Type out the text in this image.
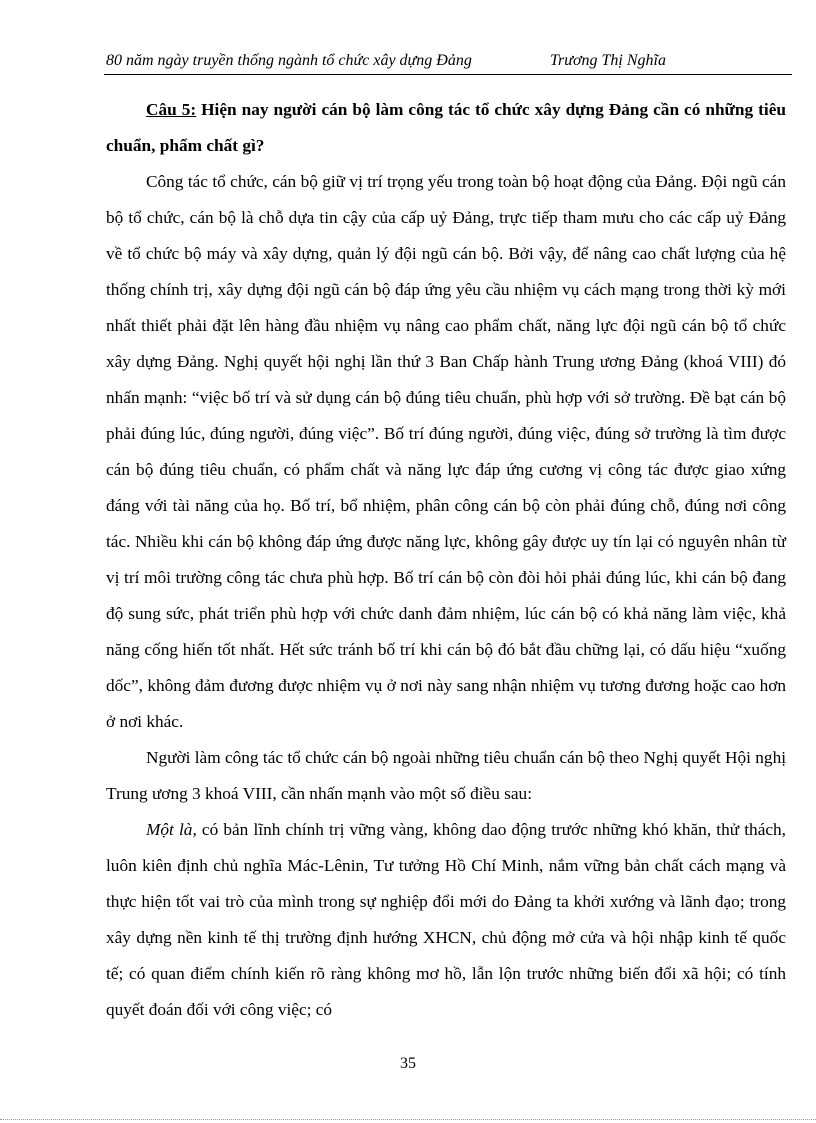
80 năm ngày truyền thống ngành tổ chức xây dựng Đảng	Trương Thị Nghĩa

Câu 5: Hiện nay người cán bộ làm công tác tổ chức xây dựng Đảng cần có những tiêu chuẩn, phẩm chất gì?

Công tác tổ chức, cán bộ giữ vị trí trọng yếu trong toàn bộ hoạt động của Đảng. Đội ngũ cán bộ tổ chức, cán bộ là chỗ dựa tin cậy của cấp uỷ Đảng, trực tiếp tham mưu cho các cấp uỷ Đảng về tổ chức bộ máy và xây dựng, quản lý đội ngũ cán bộ. Bởi vậy, để nâng cao chất lượng của hệ thống chính trị, xây dựng đội ngũ cán bộ đáp ứng yêu cầu nhiệm vụ cách mạng trong thời kỳ mới nhất thiết phải đặt lên hàng đầu nhiệm vụ nâng cao phẩm chất, năng lực đội ngũ cán bộ tổ chức xây dựng Đảng. Nghị quyết hội nghị lần thứ 3 Ban Chấp hành Trung ương Đảng (khoá VIII) đó nhấn mạnh: “việc bố trí và sử dụng cán bộ đúng tiêu chuẩn, phù hợp với sở trường. Đề bạt cán bộ phải đúng lúc, đúng người, đúng việc”. Bố trí đúng người, đúng việc, đúng sở trường là tìm được cán bộ đúng tiêu chuẩn, có phẩm chất và năng lực đáp ứng cương vị công tác được giao xứng đáng với tài năng của họ. Bố trí, bổ nhiệm, phân công cán bộ còn phải đúng chỗ, đúng nơi công tác. Nhiều khi cán bộ không đáp ứng được năng lực, không gây được uy tín lại có nguyên nhân từ vị trí môi trường công tác chưa phù hợp. Bố trí cán bộ còn đòi hỏi phải đúng lúc, khi cán bộ đang độ sung sức, phát triển phù hợp với chức danh đảm nhiệm, lúc cán bộ có khả năng làm việc, khả năng cống hiến tốt nhất. Hết sức tránh bố trí khi cán bộ đó bắt đầu chững lại, có dấu hiệu “xuống dốc”, không đảm đương được nhiệm vụ ở nơi này sang nhận nhiệm vụ tương đương hoặc cao hơn ở nơi khác.

Người làm công tác tổ chức cán bộ ngoài những tiêu chuẩn cán bộ theo Nghị quyết Hội nghị Trung ương 3 khoá VIII, cần nhấn mạnh vào một số điều sau:

Một là, có bản lĩnh chính trị vững vàng, không dao động trước những khó khăn, thử thách, luôn kiên định chủ nghĩa Mác-Lênin, Tư tưởng Hồ Chí Minh, nắm vững bản chất cách mạng và thực hiện tốt vai trò của mình trong sự nghiệp đổi mới do Đảng ta khởi xướng và lãnh đạo; trong xây dựng nền kinh tế thị trường định hướng XHCN, chủ động mở cửa và hội nhập kinh tế quốc tế; có quan điểm chính kiến rõ ràng không mơ hồ, lẫn lộn trước những biến đổi xã hội; có tính quyết đoán đối với công việc; có

35
